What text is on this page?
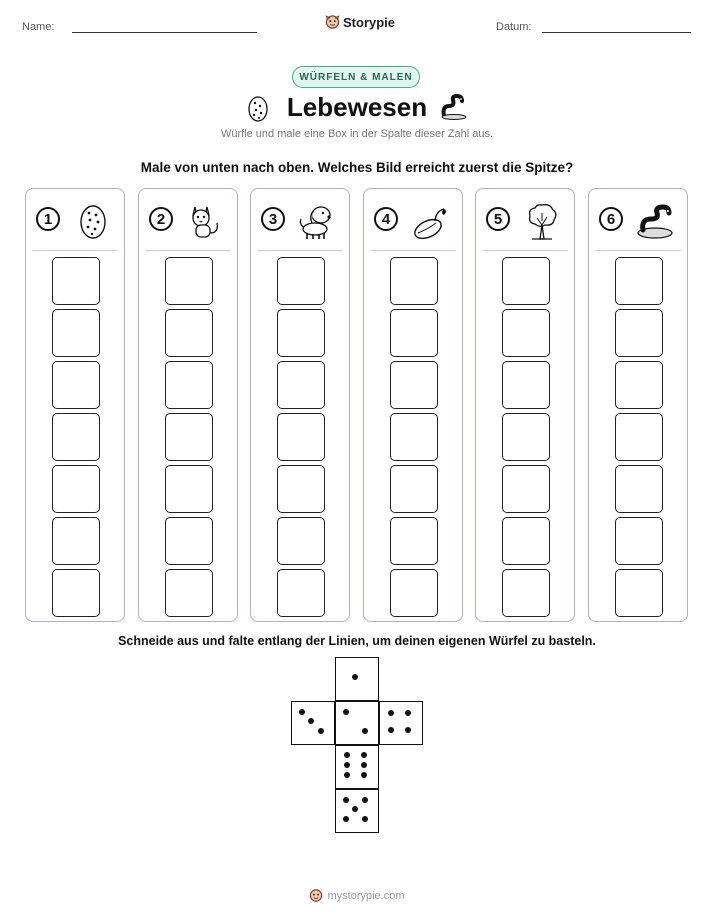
Name:	Storypie	Datum:
WÜRFELN & MALEN
Lebewesen
Würfle und male eine Box in der Spalte dieser Zahl aus.
Male von unten nach oben. Welches Bild erreicht zuerst die Spitze?
1	2	3	4	5	6
Schneide aus und falte entlang der Linien, um deinen eigenen Würfel zu basteln.
mystorypie.com
